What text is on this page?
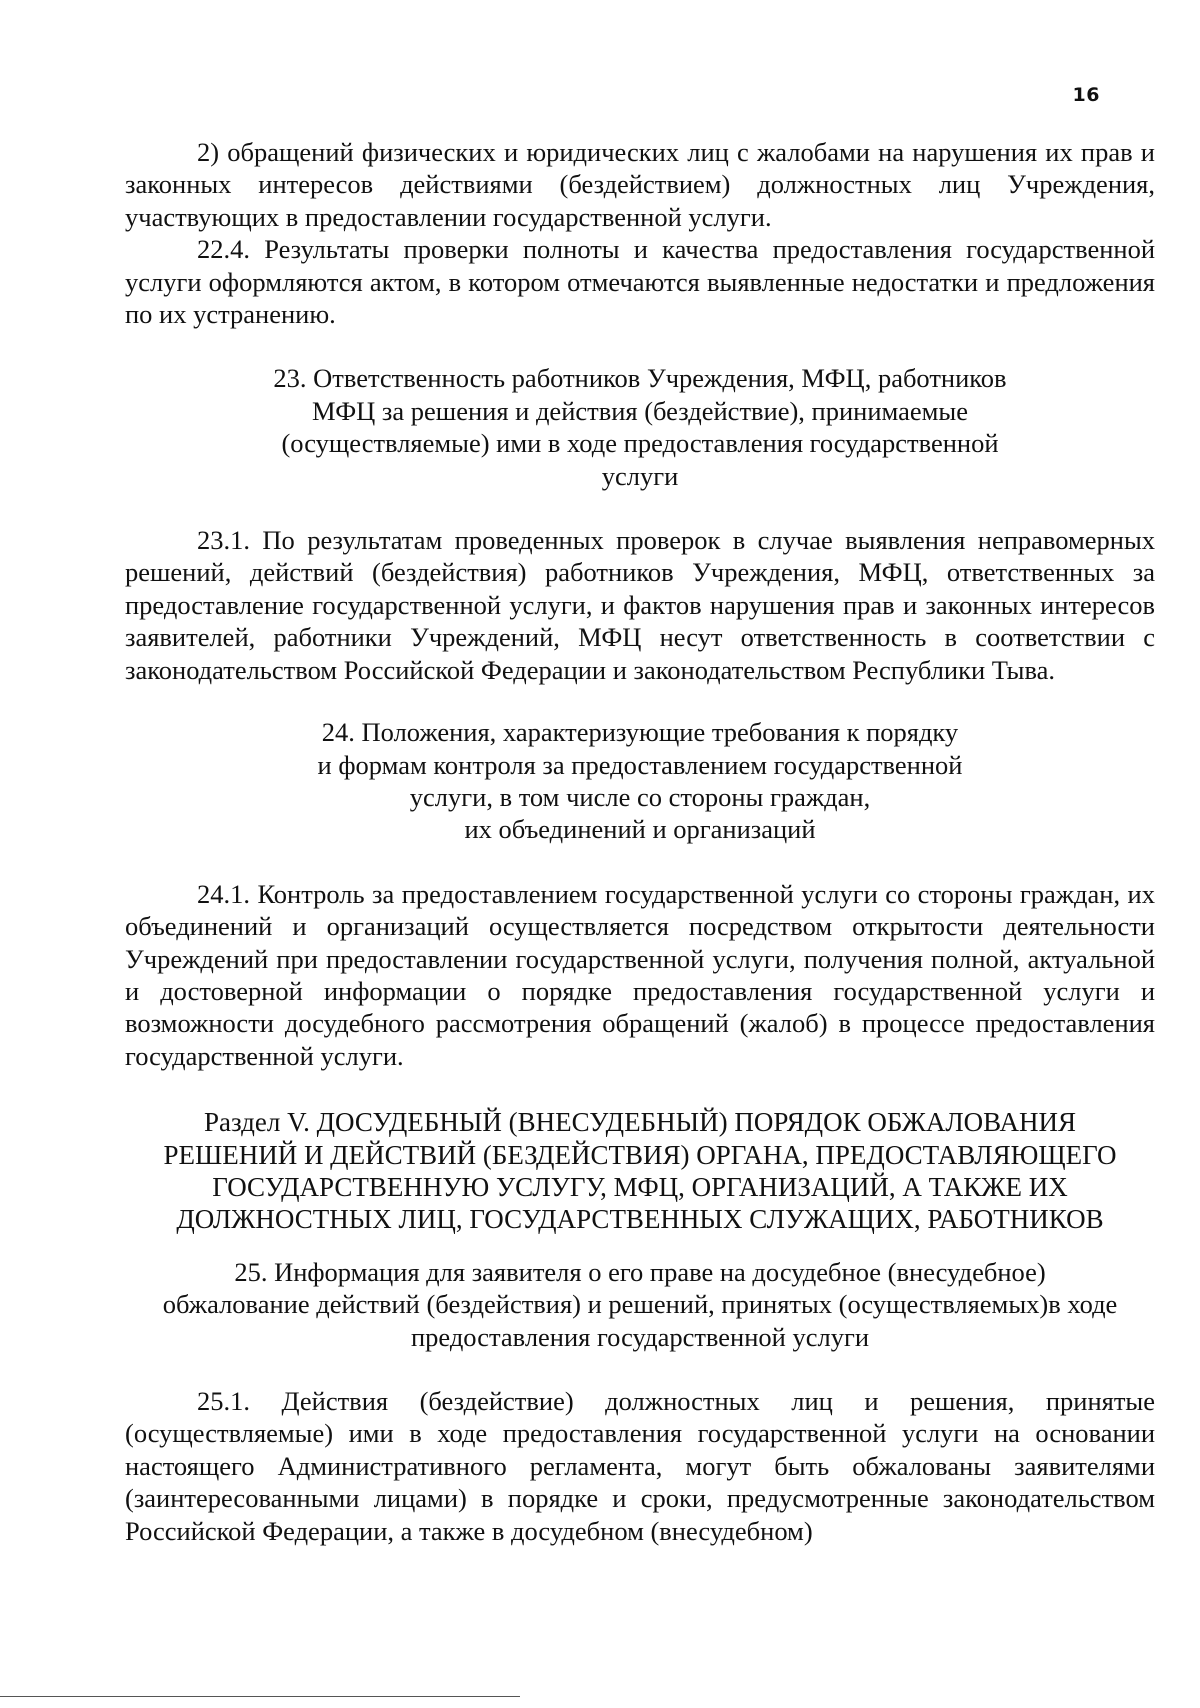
16

2) обращений физических и юридических лиц с жалобами на нарушения их прав и законных интересов действиями (бездействием) должностных лиц Учреждения, участвующих в предоставлении государственной услуги.

22.4. Результаты проверки полноты и качества предоставления государственной услуги оформляются актом, в котором отмечаются выявленные недостатки и предложения по их устранению.

23. Ответственность работников Учреждения, МФЦ, работников
МФЦ за решения и действия (бездействие), принимаемые
(осуществляемые) ими в ходе предоставления государственной
услуги

23.1. По результатам проведенных проверок в случае выявления неправомерных решений, действий (бездействия) работников Учреждения, МФЦ, ответственных за предоставление государственной услуги, и фактов нарушения прав и законных интересов заявителей, работники Учреждений, МФЦ несут ответственность в соответствии с законодательством Российской Федерации и законодательством Республики Тыва.

24. Положения, характеризующие требования к порядку
и формам контроля за предоставлением государственной
услуги, в том числе со стороны граждан,
их объединений и организаций

24.1. Контроль за предоставлением государственной услуги со стороны граждан, их объединений и организаций осуществляется посредством открытости деятельности Учреждений при предоставлении государственной услуги, получения полной, актуальной и достоверной информации о порядке предоставления государственной услуги и возможности досудебного рассмотрения обращений (жалоб) в процессе предоставления государственной услуги.

Раздел V. ДОСУДЕБНЫЙ (ВНЕСУДЕБНЫЙ) ПОРЯДОК ОБЖАЛОВАНИЯ
РЕШЕНИЙ И ДЕЙСТВИЙ (БЕЗДЕЙСТВИЯ) ОРГАНА, ПРЕДОСТАВЛЯЮЩЕГО
ГОСУДАРСТВЕННУЮ УСЛУГУ, МФЦ, ОРГАНИЗАЦИЙ, А ТАКЖЕ ИХ
ДОЛЖНОСТНЫХ ЛИЦ, ГОСУДАРСТВЕННЫХ СЛУЖАЩИХ, РАБОТНИКОВ
25. Информация для заявителя о его праве на досудебное (внесудебное)
обжалование действий (бездействия) и решений, принятых (осуществляемых)в ходе
предоставления государственной услуги

25.1. Действия (бездействие) должностных лиц и решения, принятые (осуществляемые) ими в ходе предоставления государственной услуги на основании настоящего Административного регламента, могут быть обжалованы заявителями (заинтересованными лицами) в порядке и сроки, предусмотренные законодательством Российской Федерации, а также в досудебном (внесудебном)
